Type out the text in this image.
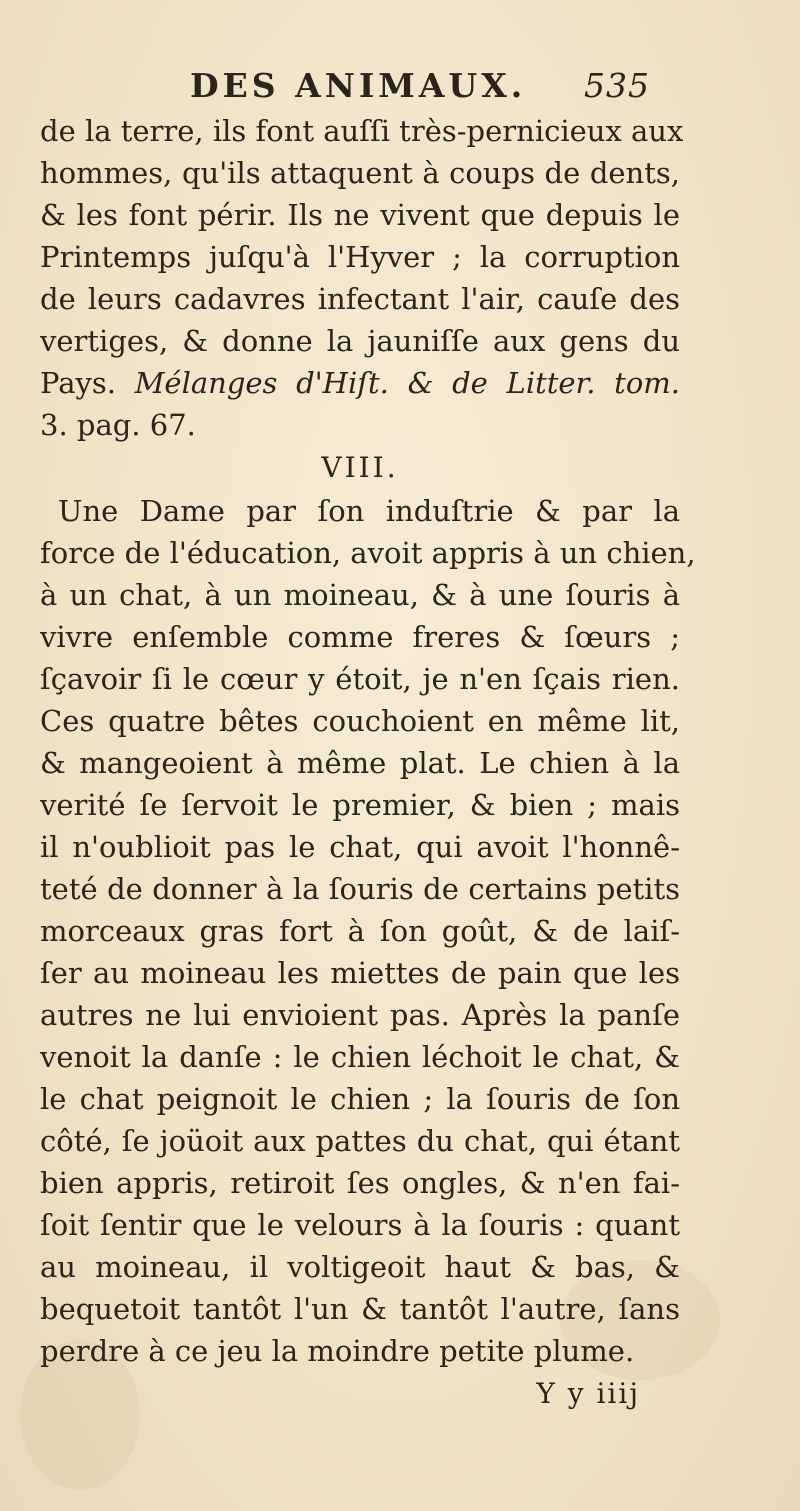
DES ANIMAUX. 535
de la terre, ils font auſſi très-pernicieux aux
hommes, qu'ils attaquent à coups de dents,
& les font périr. Ils ne vivent que depuis le
Printemps juſqu'à l'Hyver ; la corruption
de leurs cadavres infectant l'air, cauſe des
vertiges, & donne la jauniſſe aux gens du
Pays. Mélanges d'Hiſt. & de Litter. tom.
3. pag. 67.
VIII.
Une Dame par ſon induſtrie & par la
force de l'éducation, avoit appris à un chien,
à un chat, à un moineau, & à une ſouris à
vivre enſemble comme freres & ſœurs ;
ſçavoir ſi le cœur y étoit, je n'en ſçais rien.
Ces quatre bêtes couchoient en même lit,
& mangeoient à même plat. Le chien à la
verité ſe ſervoit le premier, & bien ; mais
il n'oublioit pas le chat, qui avoit l'honnê-
teté de donner à la ſouris de certains petits
morceaux gras fort à ſon goût, & de laiſ-
ſer au moineau les miettes de pain que les
autres ne lui envioient pas. Après la panſe
venoit la danſe : le chien léchoit le chat, &
le chat peignoit le chien ; la ſouris de ſon
côté, ſe joüoit aux pattes du chat, qui étant
bien appris, retiroit ſes ongles, & n'en fai-
ſoit ſentir que le velours à la ſouris : quant
au moineau, il voltigeoit haut & bas, &
bequetoit tantôt l'un & tantôt l'autre, ſans
perdre à ce jeu la moindre petite plume.
Y y iiij
